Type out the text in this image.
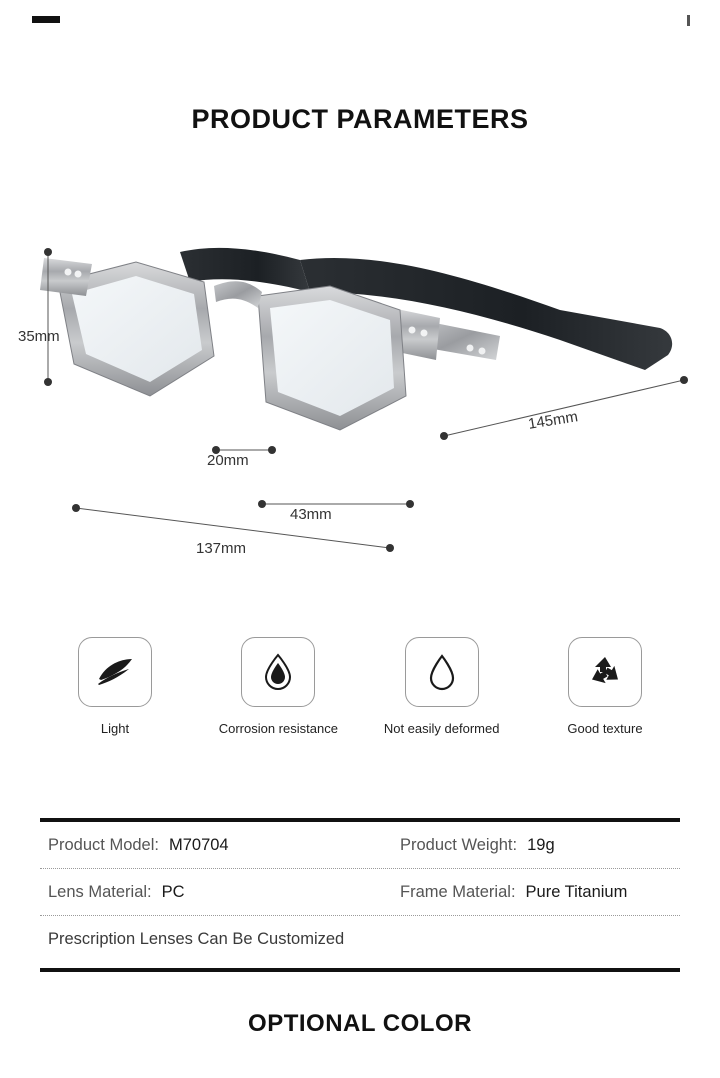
PRODUCT PARAMETERS
35mm
20mm
43mm
137mm
145mm
Light	Corrosion resistance	Not easily deformed	Good texture
Product Model: M70704	Product Weight: 19g
Lens Material: PC	Frame Material: Pure Titanium
Prescription Lenses Can Be Customized
OPTIONAL COLOR
